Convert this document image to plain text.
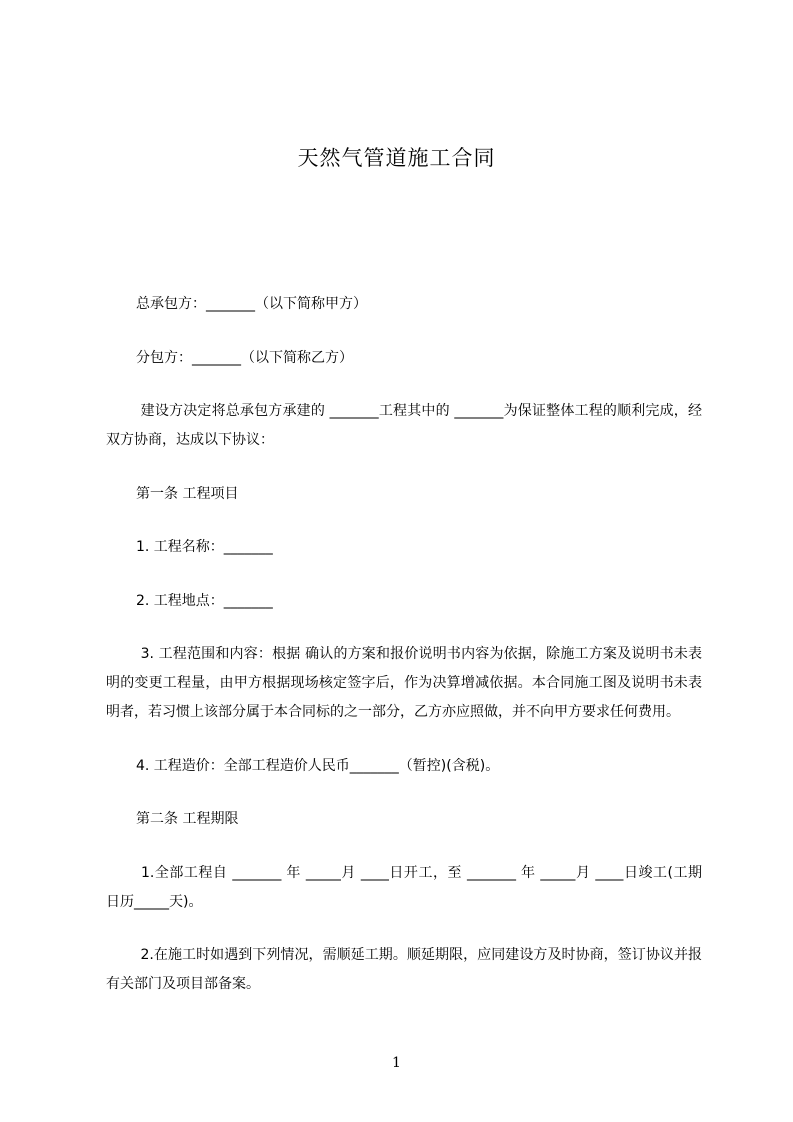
天然气管道施工合同

总承包方：_______（以下简称甲方）

分包方：_______（以下简称乙方）

建设方决定将总承包方承建的 _______工程其中的 _______为保证整体工程的顺利完成，经双方协商，达成以下协议：

第一条 工程项目

1. 工程名称：_______

2. 工程地点：_______

3. 工程范围和内容：根据 确认的方案和报价说明书内容为依据，除施工方案及说明书未表明的变更工程量，由甲方根据现场核定签字后，作为决算增减依据。本合同施工图及说明书未表明者，若习惯上该部分属于本合同标的之一部分，乙方亦应照做，并不向甲方要求任何费用。

4. 工程造价：全部工程造价人民币_______（暂控)(含税)。

第二条 工程期限

1.全部工程自 _______ 年 _____月 ____日开工，至 _______ 年 _____月 ____日竣工(工期 日历_____天)。

2.在施工时如遇到下列情况，需顺延工期。顺延期限，应同建设方及时协商，签订协议并报有关部门及项目部备案。

1
